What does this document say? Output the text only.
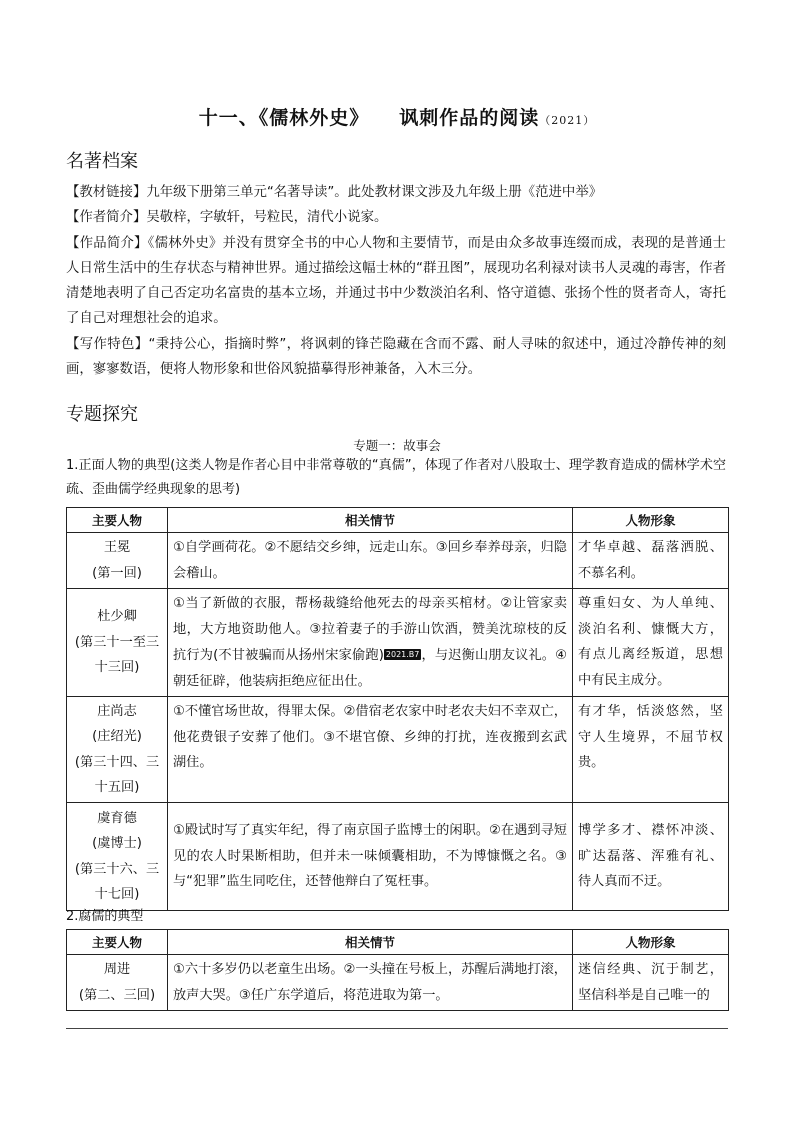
十一、《儒林外史》 讽刺作品的阅读（2021）
名著档案
【教材链接】九年级下册第三单元“名著导读”。此处教材课文涉及九年级上册《范进中举》
【作者简介】吴敬梓，字敏轩，号粒民，清代小说家。
【作品简介】《儒林外史》并没有贯穿全书的中心人物和主要情节，而是由众多故事连缀而成，表现的是普通士人日常生活中的生存状态与精神世界。通过描绘这幅士林的“群丑图”，展现功名利禄对读书人灵魂的毒害，作者清楚地表明了自己否定功名富贵的基本立场，并通过书中少数淡泊名利、恪守道德、张扬个性的贤者奇人，寄托了自己对理想社会的追求。
【写作特色】“秉持公心，指摘时弊”，将讽刺的锋芒隐藏在含而不露、耐人寻味的叙述中，通过冷静传神的刻画，寥寥数语，便将人物形象和世俗风貌描摹得形神兼备，入木三分。
专题探究
专题一：故事会
1.正面人物的典型(这类人物是作者心目中非常尊敬的“真儒”，体现了作者对八股取士、理学教育造成的儒林学术空疏、歪曲儒学经典现象的思考)
主要人物	相关情节	人物形象

王冕
(第一回)	①自学画荷花。②不愿结交乡绅，远走山东。③回乡奉养母亲，归隐会稽山。	才华卓越、磊落洒脱、不慕名利。

杜少卿
(第三十一至三十三回)	①当了新做的衣服，帮杨裁缝给他死去的母亲买棺材。②让管家卖地，大方地资助他人。③拉着妻子的手游山饮酒，赞美沈琼枝的反抗行为(不甘被骗而从扬州宋家偷跑) 2021.B7 ，与迟衡山朋友议礼。④朝廷征辟，他装病拒绝应征出仕。	尊重妇女、为人单纯、淡泊名利、慷慨大方，有点儿离经叛道，思想中有民主成分。

庄尚志
(庄绍光)
(第三十四、三十五回)	①不懂官场世故，得罪太保。②借宿老农家中时老农夫妇不幸双亡，他花费银子安葬了他们。③不堪官僚、乡绅的打扰，连夜搬到玄武湖住。	有才华，恬淡悠然，坚守人生境界，不屈节权贵。

虞育德
(虞博士)
(第三十六、三十七回)	①殿试时写了真实年纪，得了南京国子监博士的闲职。②在遇到寻短见的农人时果断相助，但并未一味倾囊相助，不为博慷慨之名。③与“犯罪”监生同吃住，还替他辩白了冤枉事。	博学多才、襟怀冲淡、旷达磊落、浑雅有礼、待人真而不迂。
2.腐儒的典型
主要人物	相关情节	人物形象

周进
(第二、三回)	①六十多岁仍以老童生出场。②一头撞在号板上，苏醒后满地打滚，放声大哭。③任广东学道后，将范进取为第一。	迷信经典、沉于制艺，坚信科举是自己唯一的
